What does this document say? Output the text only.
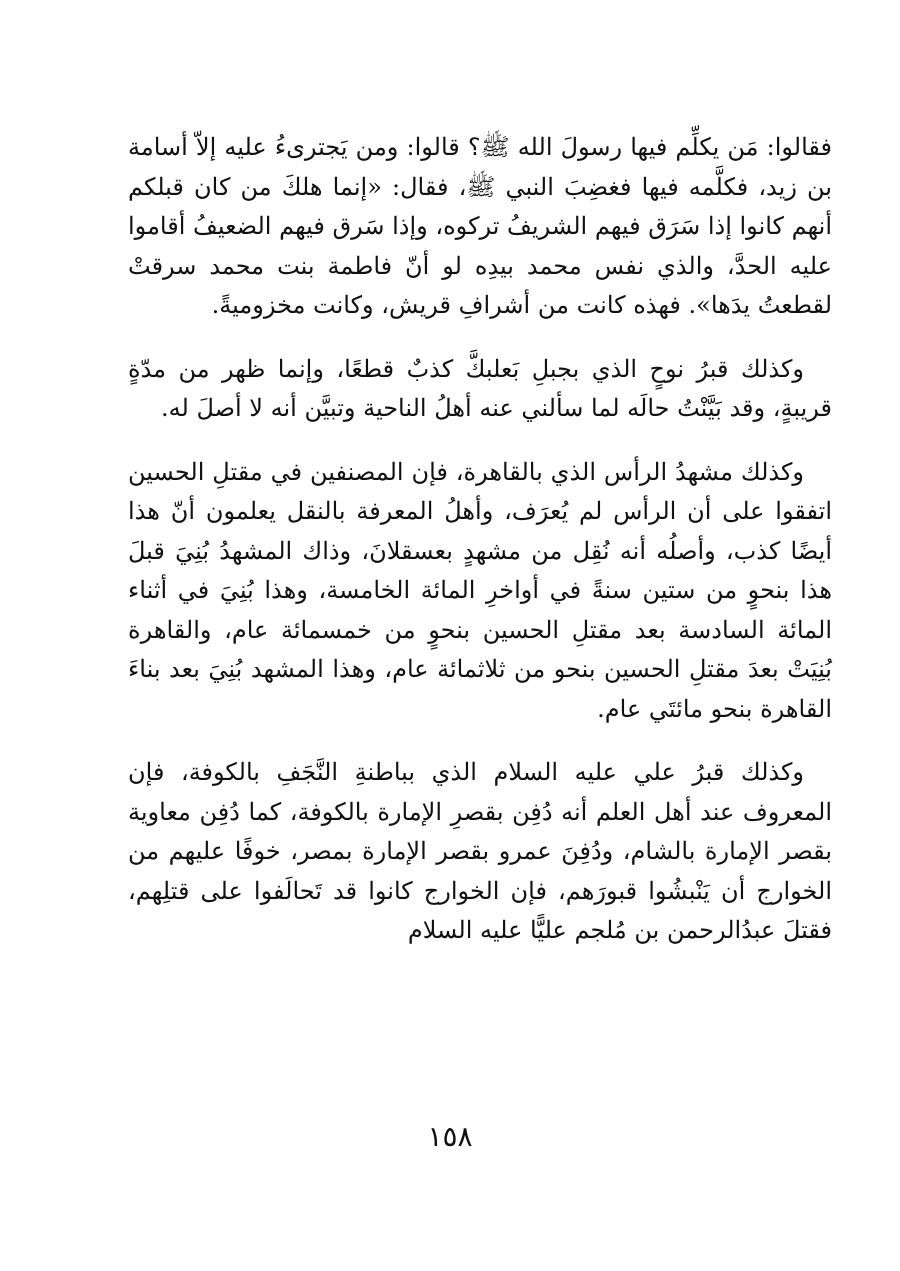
فقالوا: مَن يكلِّم فيها رسولَ الله ﷺ؟ قالوا: ومن يَجترىءُ عليه إلاّ أسامة بن زيد، فكلَّمه فيها فغضِبَ النبي ﷺ، فقال: «إنما هلكَ من كان قبلكم أنهم كانوا إذا سَرَق فيهم الشريفُ تركوه، وإذا سَرق فيهم الضعيفُ أقاموا عليه الحدَّ، والذي نفس محمد بيدِه لو أنّ فاطمة بنت محمد سرقتْ لقطعتُ يدَها». فهذه كانت من أشرافِ قريش، وكانت مخزوميةً.

وكذلك قبرُ نوحٍ الذي بجبلِ بَعلبكَّ كذبٌ قطعًا، وإنما ظهر من مدّةٍ قريبةٍ، وقد بَيَّنْتُ حالَه لما سألني عنه أهلُ الناحية وتبيَّن أنه لا أصلَ له.

وكذلك مشهدُ الرأس الذي بالقاهرة، فإن المصنفين في مقتلِ الحسين اتفقوا على أن الرأس لم يُعرَف، وأهلُ المعرفة بالنقل يعلمون أنّ هذا أيضًا كذب، وأصلُه أنه نُقِل من مشهدٍ بعسقلانَ، وذاك المشهدُ بُنِيَ قبلَ هذا بنحوٍ من ستين سنةً في أواخرِ المائة الخامسة، وهذا بُنِيَ في أثناء المائة السادسة بعد مقتلِ الحسين بنحوٍ من خمسمائة عام، والقاهرة بُنِيَتْ بعدَ مقتلِ الحسين بنحو من ثلاثمائة عام، وهذا المشهد بُنِيَ بعد بناءَ القاهرة بنحو مائتَي عام.

وكذلك قبرُ علي عليه السلام الذي بباطنةِ النَّجَفِ بالكوفة، فإن المعروف عند أهل العلم أنه دُفِن بقصرِ الإمارة بالكوفة، كما دُفِن معاوية بقصر الإمارة بالشام، ودُفِنَ عمرو بقصر الإمارة بمصر، خوفًا عليهم من الخوارج أن يَنْبشُوا قبورَهم، فإن الخوارج كانوا قد تَحالَفوا على قتلِهم، فقتلَ عبدُالرحمن بن مُلجم عليًّا عليه السلام

١٥٨
